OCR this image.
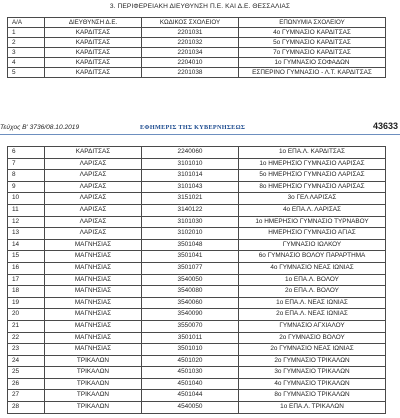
3. ΠΕΡΙΦΕΡΕΙΑΚΗ ΔΙΕΥΘΥΝΣΗ Π.Ε. ΚΑΙ Δ.Ε. ΘΕΣΣΑΛΙΑΣ
Α/Α	ΔΙΕΥΘΥΝΣΗ Δ.Ε.	ΚΩΔΙΚΟΣ ΣΧΟΛΕΙΟΥ	ΕΠΩΝΥΜΙΑ ΣΧΟΛΕΙΟΥ
1	ΚΑΡΔΙΤΣΑΣ	2201031	4ο ΓΥΜΝΑΣΙΟ ΚΑΡΔΙΤΣΑΣ
2	ΚΑΡΔΙΤΣΑΣ	2201032	5ο ΓΥΜΝΑΣΙΟ ΚΑΡΔΙΤΣΑΣ
3	ΚΑΡΔΙΤΣΑΣ	2201034	7ο ΓΥΜΝΑΣΙΟ ΚΑΡΔΙΤΣΑΣ
4	ΚΑΡΔΙΤΣΑΣ	2204010	1ο ΓΥΜΝΑΣΙΟ ΣΟΦΑΔΩΝ
5	ΚΑΡΔΙΤΣΑΣ	2201038	ΕΣΠΕΡΙΝΟ ΓΥΜΝΑΣΙΟ - Λ.Τ. ΚΑΡΔΙΤΣΑΣ
Τεύχος Β' 3736/08.10.2019	ΕΦΗΜΕΡΙΣ ΤΗΣ ΚΥΒΕΡΝΗΣΕΩΣ	43633
6	ΚΑΡΔΙΤΣΑΣ	2240060	1ο ΕΠΑ.Λ. ΚΑΡΔΙΤΣΑΣ
7	ΛΑΡΙΣΑΣ	3101010	1ο ΗΜΕΡΗΣΙΟ ΓΥΜΝΑΣΙΟ ΛΑΡΙΣΑΣ
8	ΛΑΡΙΣΑΣ	3101014	5ο ΗΜΕΡΗΣΙΟ ΓΥΜΝΑΣΙΟ ΛΑΡΙΣΑΣ
9	ΛΑΡΙΣΑΣ	3101043	8ο ΗΜΕΡΗΣΙΟ ΓΥΜΝΑΣΙΟ ΛΑΡΙΣΑΣ
10	ΛΑΡΙΣΑΣ	3151021	3ο ΓΕΛ ΛΑΡΙΣΑΣ
11	ΛΑΡΙΣΑΣ	3140122	4ο ΕΠΑ.Λ. ΛΑΡΙΣΑΣ
12	ΛΑΡΙΣΑΣ	3101030	1ο ΗΜΕΡΗΣΙΟ ΓΥΜΝΑΣΙΟ ΤΥΡΝΑΒΟΥ
13	ΛΑΡΙΣΑΣ	3102010	ΗΜΕΡΗΣΙΟ ΓΥΜΝΑΣΙΟ ΑΓΙΑΣ
14	ΜΑΓΝΗΣΙΑΣ	3501048	ΓΥΜΝΑΣΙΟ ΙΩΛΚΟΥ
15	ΜΑΓΝΗΣΙΑΣ	3501041	6ο ΓΥΜΝΑΣΙΟ ΒΟΛΟΥ ΠΑΡΑΡΤΗΜΑ
16	ΜΑΓΝΗΣΙΑΣ	3501077	4ο ΓΥΜΝΑΣΙΟ ΝΕΑΣ ΙΩΝΙΑΣ
17	ΜΑΓΝΗΣΙΑΣ	3540050	1ο ΕΠΑ.Λ. ΒΟΛΟΥ
18	ΜΑΓΝΗΣΙΑΣ	3540080	2ο ΕΠΑ.Λ. ΒΟΛΟΥ
19	ΜΑΓΝΗΣΙΑΣ	3540060	1ο ΕΠΑ.Λ. ΝΕΑΣ ΙΩΝΙΑΣ
20	ΜΑΓΝΗΣΙΑΣ	3540090	2ο ΕΠΑ.Λ. ΝΕΑΣ ΙΩΝΙΑΣ
21	ΜΑΓΝΗΣΙΑΣ	3550070	ΓΥΜΝΑΣΙΟ ΑΓΧΙΑΛΟΥ
22	ΜΑΓΝΗΣΙΑΣ	3501011	2ο ΓΥΜΝΑΣΙΟ ΒΟΛΟΥ
23	ΜΑΓΝΗΣΙΑΣ	3501010	2ο ΓΥΜΝΑΣΙΟ ΝΕΑΣ ΙΩΝΙΑΣ
24	ΤΡΙΚΑΛΩΝ	4501020	2ο ΓΥΜΝΑΣΙΟ ΤΡΙΚΑΛΩΝ
25	ΤΡΙΚΑΛΩΝ	4501030	3ο ΓΥΜΝΑΣΙΟ ΤΡΙΚΑΛΩΝ
26	ΤΡΙΚΑΛΩΝ	4501040	4ο ΓΥΜΝΑΣΙΟ ΤΡΙΚΑΛΩΝ
27	ΤΡΙΚΑΛΩΝ	4501044	8ο ΓΥΜΝΑΣΙΟ ΤΡΙΚΑΛΩΝ
28	ΤΡΙΚΑΛΩΝ	4540050	1ο ΕΠΑ.Λ. ΤΡΙΚΑΛΩΝ
